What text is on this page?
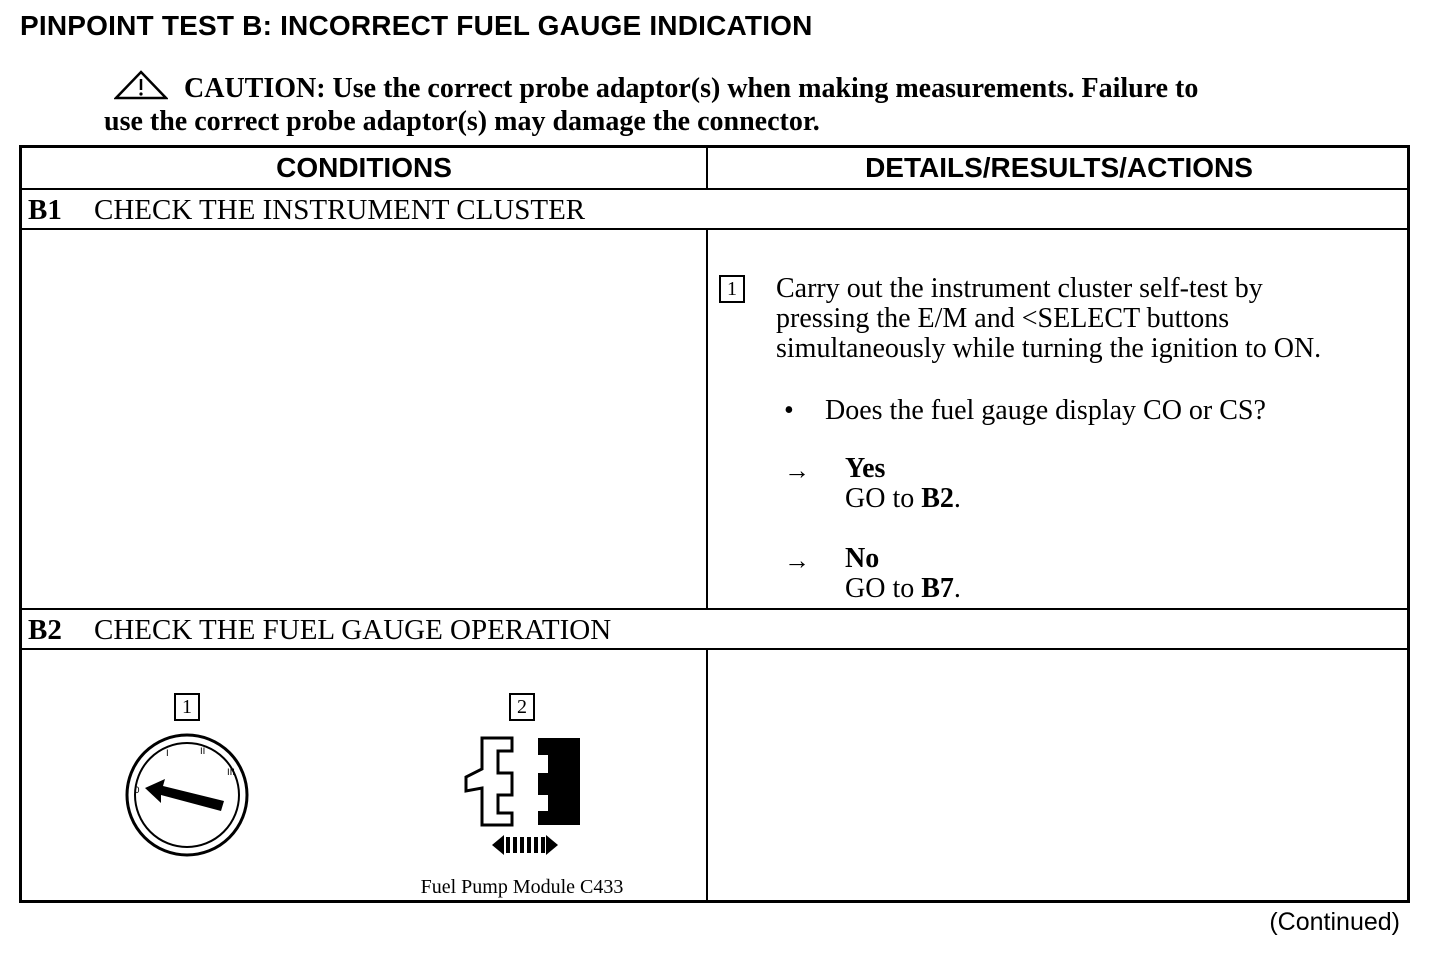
PINPOINT TEST B: INCORRECT FUEL GAUGE INDICATION
CAUTION: Use the correct probe adaptor(s) when making measurements. Failure to
use the correct probe adaptor(s) may damage the connector.
CONDITIONS	DETAILS/RESULTS/ACTIONS
B1 CHECK THE INSTRUMENT CLUSTER
1 Carry out the instrument cluster self-test by
pressing the E/M and <SELECT buttons
simultaneously while turning the ignition to ON.
• Does the fuel gauge display CO or CS?
→ Yes
GO to B2.
→ No
GO to B7.
B2 CHECK THE FUEL GAUGE OPERATION
1	2
0
I	II
III
Fuel Pump Module C433
(Continued)
